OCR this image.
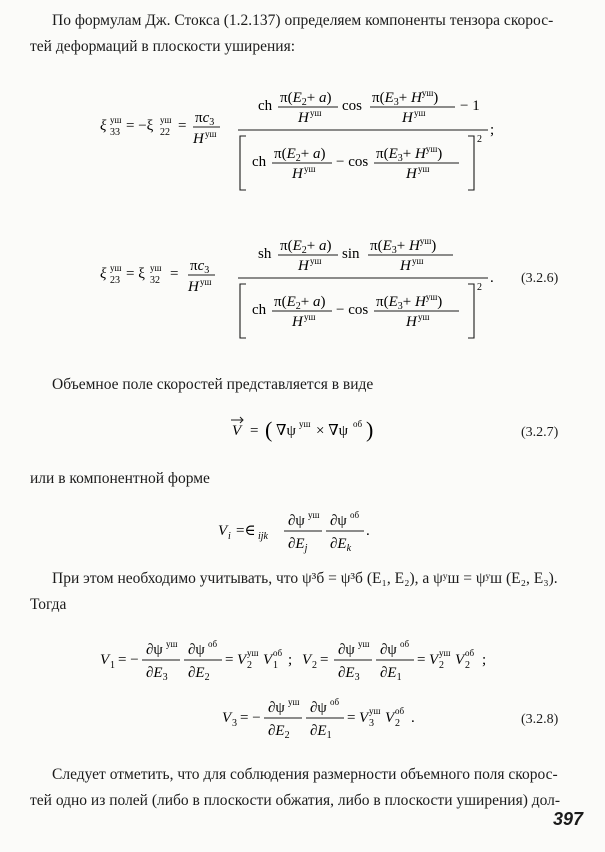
По формулам Дж. Стокса (1.2.137) определяем компоненты тензора скорос-
тей деформаций в плоскости уширения:
ξ 33
уш = −ξ 22
уш = $\pi c_3$
H уш
ch $\pi(E_2+ a)$
H уш $\cos \pi(E_3+ H^{уш})$
H уш − 1
ch $\pi(E_2+ a)$
H уш − $\cos \pi(E_3+ H^{уш})$
H уш
2
;
ξ 23
уш = ξ 32
уш = $\pi c_3$
H уш
sh $\pi(E_2+ a)$
H уш $\sin \pi(E_3+ H^{уш})$
H уш
ch $\pi(E_2+ a)$
H уш − $\cos \pi(E_3+ H^{уш})$
H уш
2
. (3.2.6)
Объемное поле скоростей представляется в виде
V = ( ∇ψ уш × ∇ψ об )	(3.2.7)
или в компонентной форме
V i =∈ ijk
∂ψ уш
$\partial E_j$
∂ψ об
$\partial E_k$
.
При этом необходимо учитывать, что ψ³б = ψ³б (E₁, E₂), а ψʸш = ψʸш (E₂, E₃).
Тогда
V 1 = −
∂ψ уш
$\partial E_3$
∂ψ об
$\partial E_2$
= V 2
уш V 1
об ; V 2 =
∂ψ уш
$\partial E_3$
∂ψ об
$\partial E_1$
= V 2
уш V 2
об ;
V 3 = −
∂ψ уш
$\partial E_2$
∂ψ об
$\partial E_1$
= V 3
уш V 2
об .	(3.2.8)
Следует отметить, что для соблюдения размерности объемного поля скорос-
тей одно из полей (либо в плоскости обжатия, либо в плоскости уширения) дол-
397
